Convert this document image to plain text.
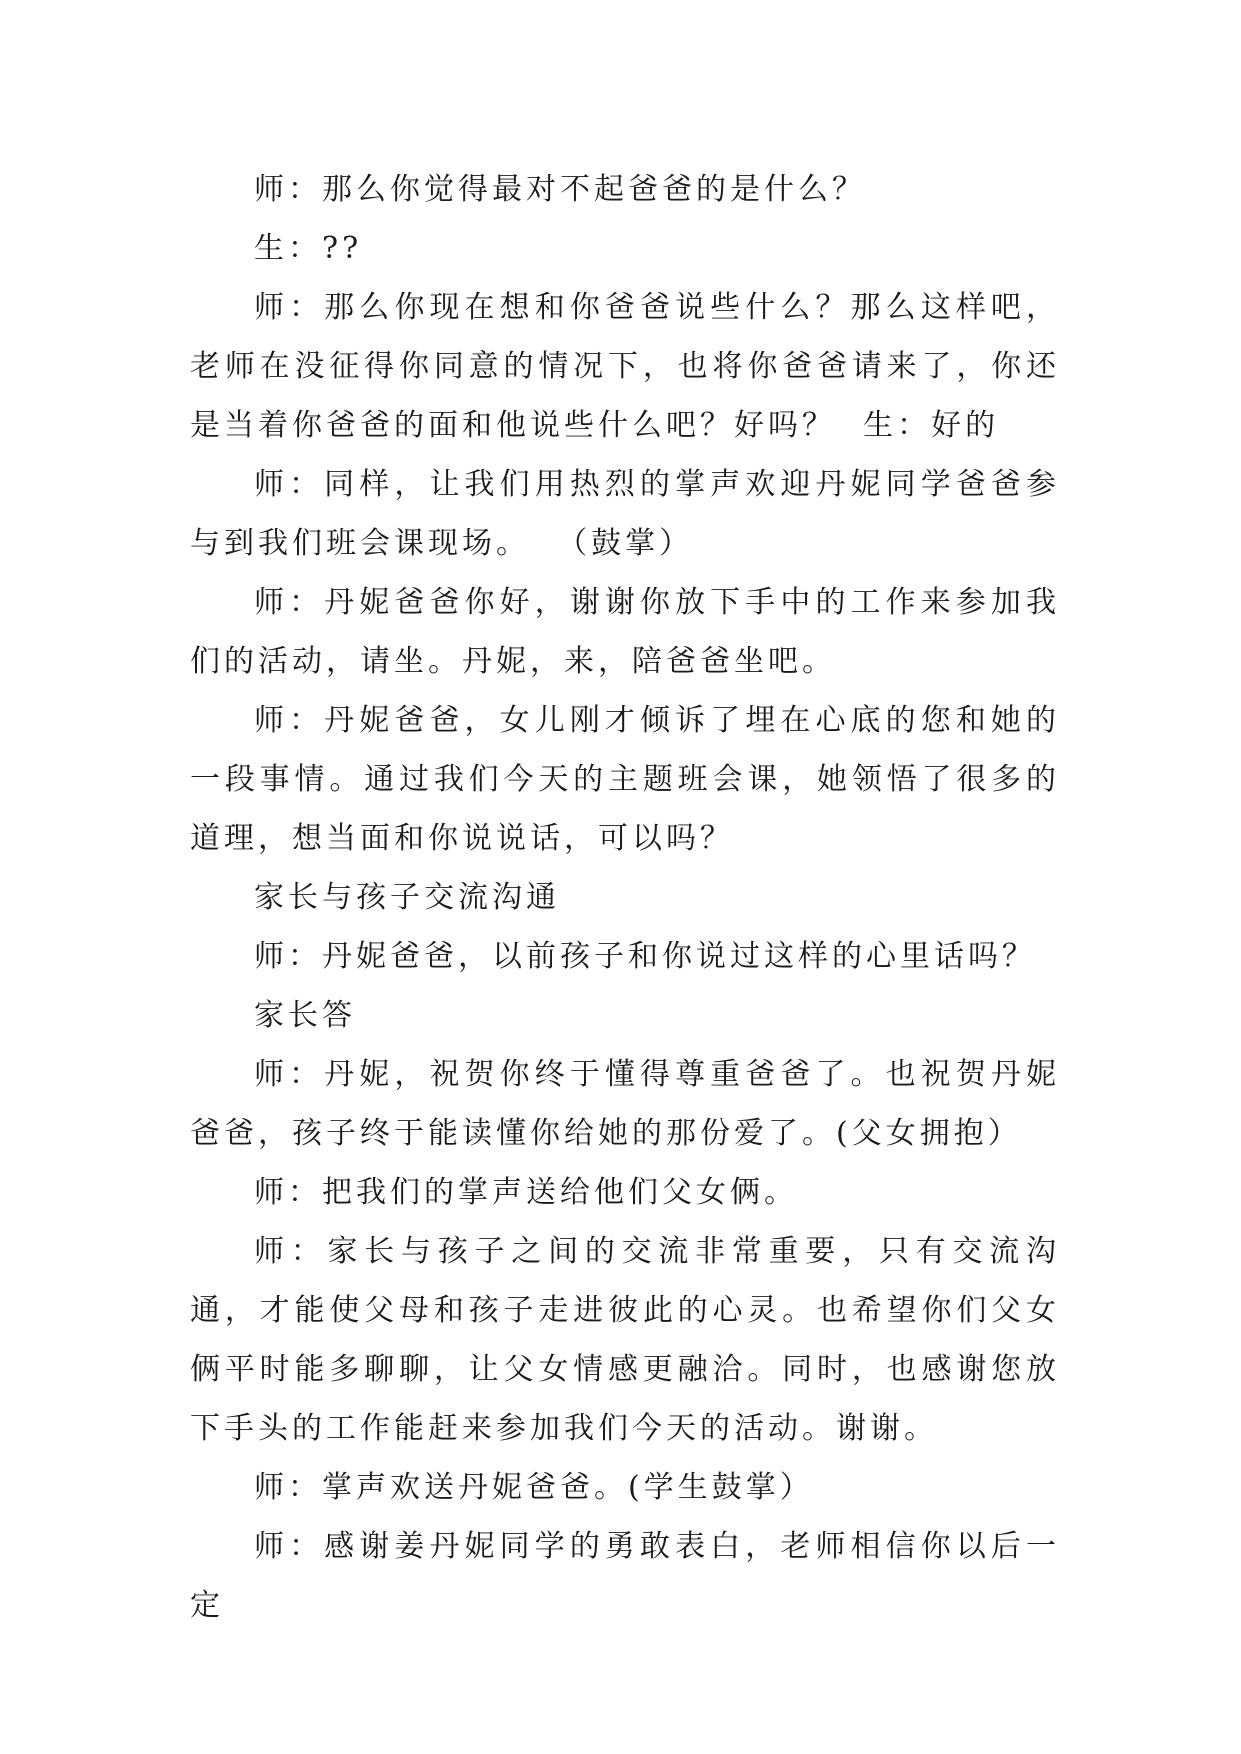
师：那么你觉得最对不起爸爸的是什么？

生：??

师：那么你现在想和你爸爸说些什么？那么这样吧，老师在没征得你同意的情况下，也将你爸爸请来了，你还是当着你爸爸的面和他说些什么吧？好吗？  生：好的

师：同样，让我们用热烈的掌声欢迎丹妮同学爸爸参与到我们班会课现场。  （鼓掌）

师：丹妮爸爸你好，谢谢你放下手中的工作来参加我们的活动，请坐。丹妮，来，陪爸爸坐吧。

师：丹妮爸爸，女儿刚才倾诉了埋在心底的您和她的一段事情。通过我们今天的主题班会课，她领悟了很多的道理，想当面和你说说话，可以吗？

家长与孩子交流沟通

师：丹妮爸爸，以前孩子和你说过这样的心里话吗？

家长答

师：丹妮，祝贺你终于懂得尊重爸爸了。也祝贺丹妮爸爸，孩子终于能读懂你给她的那份爱了。(父女拥抱）

师：把我们的掌声送给他们父女俩。

师：家长与孩子之间的交流非常重要，只有交流沟通，才能使父母和孩子走进彼此的心灵。也希望你们父女俩平时能多聊聊，让父女情感更融洽。同时，也感谢您放下手头的工作能赶来参加我们今天的活动。谢谢。

师：掌声欢送丹妮爸爸。(学生鼓掌）

师：感谢姜丹妮同学的勇敢表白，老师相信你以后一定
